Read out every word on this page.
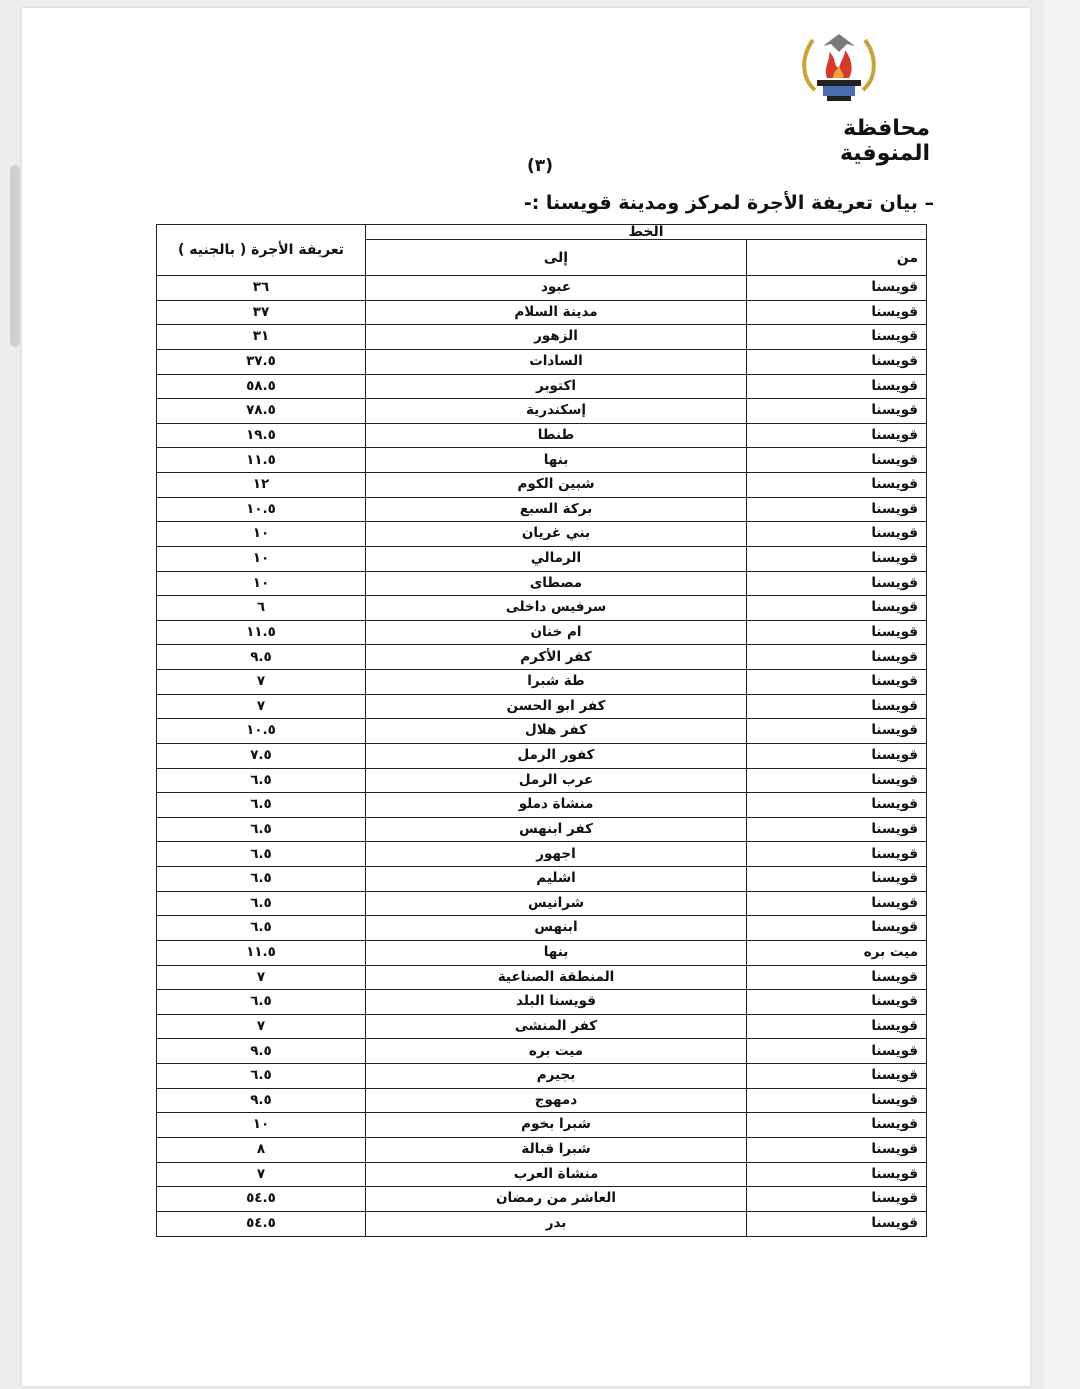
محافظة المنوفية
(٣)
– بيان تعريفة الأجرة لمركز ومدينة قويسنا :-
الخط		تعريفة الأجرة ( بالجنيه )
من	إلى	
قويسنا	عبود	٣٦
قويسنا	مدينة السلام	٣٧
قويسنا	الزهور	٣١
قويسنا	السادات	٣٧.٥
قويسنا	اكتوبر	٥٨.٥
قويسنا	إسكندرية	٧٨.٥
قويسنا	طنطا	١٩.٥
قويسنا	بنها	١١.٥
قويسنا	شبين الكوم	١٢
قويسنا	بركة السبع	١٠.٥
قويسنا	بني غريان	١٠
قويسنا	الرمالي	١٠
قويسنا	مصطاى	١٠
قويسنا	سرفيس داخلى	٦
قويسنا	ام خنان	١١.٥
قويسنا	كفر الأكرم	٩.٥
قويسنا	طة شبرا	٧
قويسنا	كفر ابو الحسن	٧
قويسنا	كفر هلال	١٠.٥
قويسنا	كفور الرمل	٧.٥
قويسنا	عرب الرمل	٦.٥
قويسنا	منشاة دملو	٦.٥
قويسنا	كفر ابنهس	٦.٥
قويسنا	اجهور	٦.٥
قويسنا	اشليم	٦.٥
قويسنا	شرانيس	٦.٥
قويسنا	ابنهس	٦.٥
ميت بره	بنها	١١.٥
قويسنا	المنطقة الصناعية	٧
قويسنا	قويسنا البلد	٦.٥
قويسنا	كفر المنشى	٧
قويسنا	ميت بره	٩.٥
قويسنا	بجيرم	٦.٥
قويسنا	دمهوج	٩.٥
قويسنا	شبرا بخوم	١٠
قويسنا	شبرا قبالة	٨
قويسنا	منشاة العرب	٧
قويسنا	العاشر من رمضان	٥٤.٥
قويسنا	بدر	٥٤.٥
